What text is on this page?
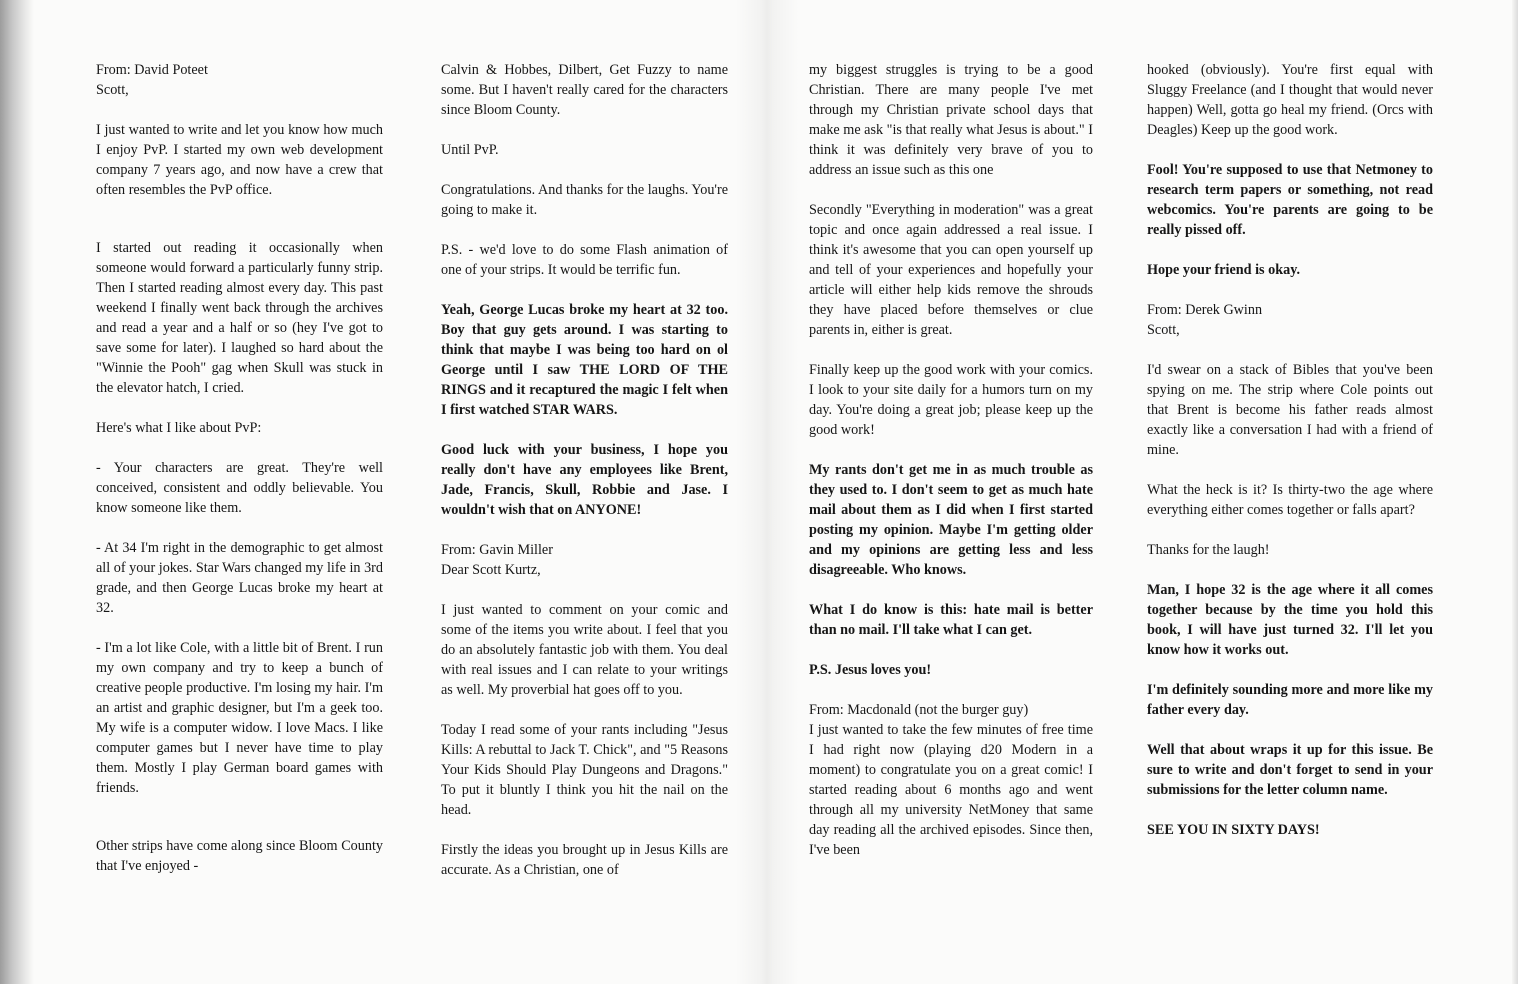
From: David Poteet
Scott,

I just wanted to write and let you know how much I enjoy PvP. I started my own web development company 7 years ago, and now have a crew that often resembles the PvP office.

I started out reading it occasionally when someone would forward a particularly funny strip. Then I started reading almost every day. This past weekend I finally went back through the archives and read a year and a half or so (hey I've got to save some for later). I laughed so hard about the "Winnie the Pooh" gag when Skull was stuck in the elevator hatch, I cried.

Here's what I like about PvP:

- Your characters are great. They're well conceived, consistent and oddly believable. You know someone like them.

- At 34 I'm right in the demographic to get almost all of your jokes. Star Wars changed my life in 3rd grade, and then George Lucas broke my heart at 32.

- I'm a lot like Cole, with a little bit of Brent. I run my own company and try to keep a bunch of creative people productive. I'm losing my hair. I'm an artist and graphic designer, but I'm a geek too. My wife is a computer widow. I love Macs. I like computer games but I never have time to play them. Mostly I play German board games with friends.

Other strips have come along since Bloom County that I've enjoyed -

Calvin & Hobbes, Dilbert, Get Fuzzy to name some. But I haven't really cared for the characters since Bloom County.

Until PvP.

Congratulations. And thanks for the laughs. You're going to make it.

P.S. - we'd love to do some Flash animation of one of your strips. It would be terrific fun.

Yeah, George Lucas broke my heart at 32 too. Boy that guy gets around. I was starting to think that maybe I was being too hard on ol George until I saw THE LORD OF THE RINGS and it recaptured the magic I felt when I first watched STAR WARS.

Good luck with your business, I hope you really don't have any employees like Brent, Jade, Francis, Skull, Robbie and Jase. I wouldn't wish that on ANYONE!

From: Gavin Miller
Dear Scott Kurtz,

I just wanted to comment on your comic and some of the items you write about. I feel that you do an absolutely fantastic job with them. You deal with real issues and I can relate to your writings as well. My proverbial hat goes off to you.

Today I read some of your rants including "Jesus Kills: A rebuttal to Jack T. Chick", and "5 Reasons Your Kids Should Play Dungeons and Dragons." To put it bluntly I think you hit the nail on the head.

Firstly the ideas you brought up in Jesus Kills are accurate. As a Christian, one of

my biggest struggles is trying to be a good Christian. There are many people I've met through my Christian private school days that make me ask "is that really what Jesus is about." I think it was definitely very brave of you to address an issue such as this one

Secondly "Everything in moderation" was a great topic and once again addressed a real issue. I think it's awesome that you can open yourself up and tell of your experiences and hopefully your article will either help kids remove the shrouds they have placed before themselves or clue parents in, either is great.

Finally keep up the good work with your comics. I look to your site daily for a humors turn on my day. You're doing a great job; please keep up the good work!

My rants don't get me in as much trouble as they used to. I don't seem to get as much hate mail about them as I did when I first started posting my opinion. Maybe I'm getting older and my opinions are getting less and less disagreeable. Who knows.

What I do know is this: hate mail is better than no mail. I'll take what I can get.

P.S. Jesus loves you!

From: Macdonald (not the burger guy)
I just wanted to take the few minutes of free time I had right now (playing d20 Modern in a moment) to congratulate you on a great comic! I started reading about 6 months ago and went through all my university NetMoney that same day reading all the archived episodes. Since then, I've been

hooked (obviously). You're first equal with Sluggy Freelance (and I thought that would never happen) Well, gotta go heal my friend. (Orcs with Deagles) Keep up the good work.

Fool! You're supposed to use that Netmoney to research term papers or something, not read webcomics. You're parents are going to be really pissed off.

Hope your friend is okay.

From: Derek Gwinn
Scott,

I'd swear on a stack of Bibles that you've been spying on me. The strip where Cole points out that Brent is become his father reads almost exactly like a conversation I had with a friend of mine.

What the heck is it? Is thirty-two the age where everything either comes together or falls apart?

Thanks for the laugh!

Man, I hope 32 is the age where it all comes together because by the time you hold this book, I will have just turned 32. I'll let you know how it works out.

I'm definitely sounding more and more like my father every day.

Well that about wraps it up for this issue. Be sure to write and don't forget to send in your submissions for the letter column name.

SEE YOU IN SIXTY DAYS!
